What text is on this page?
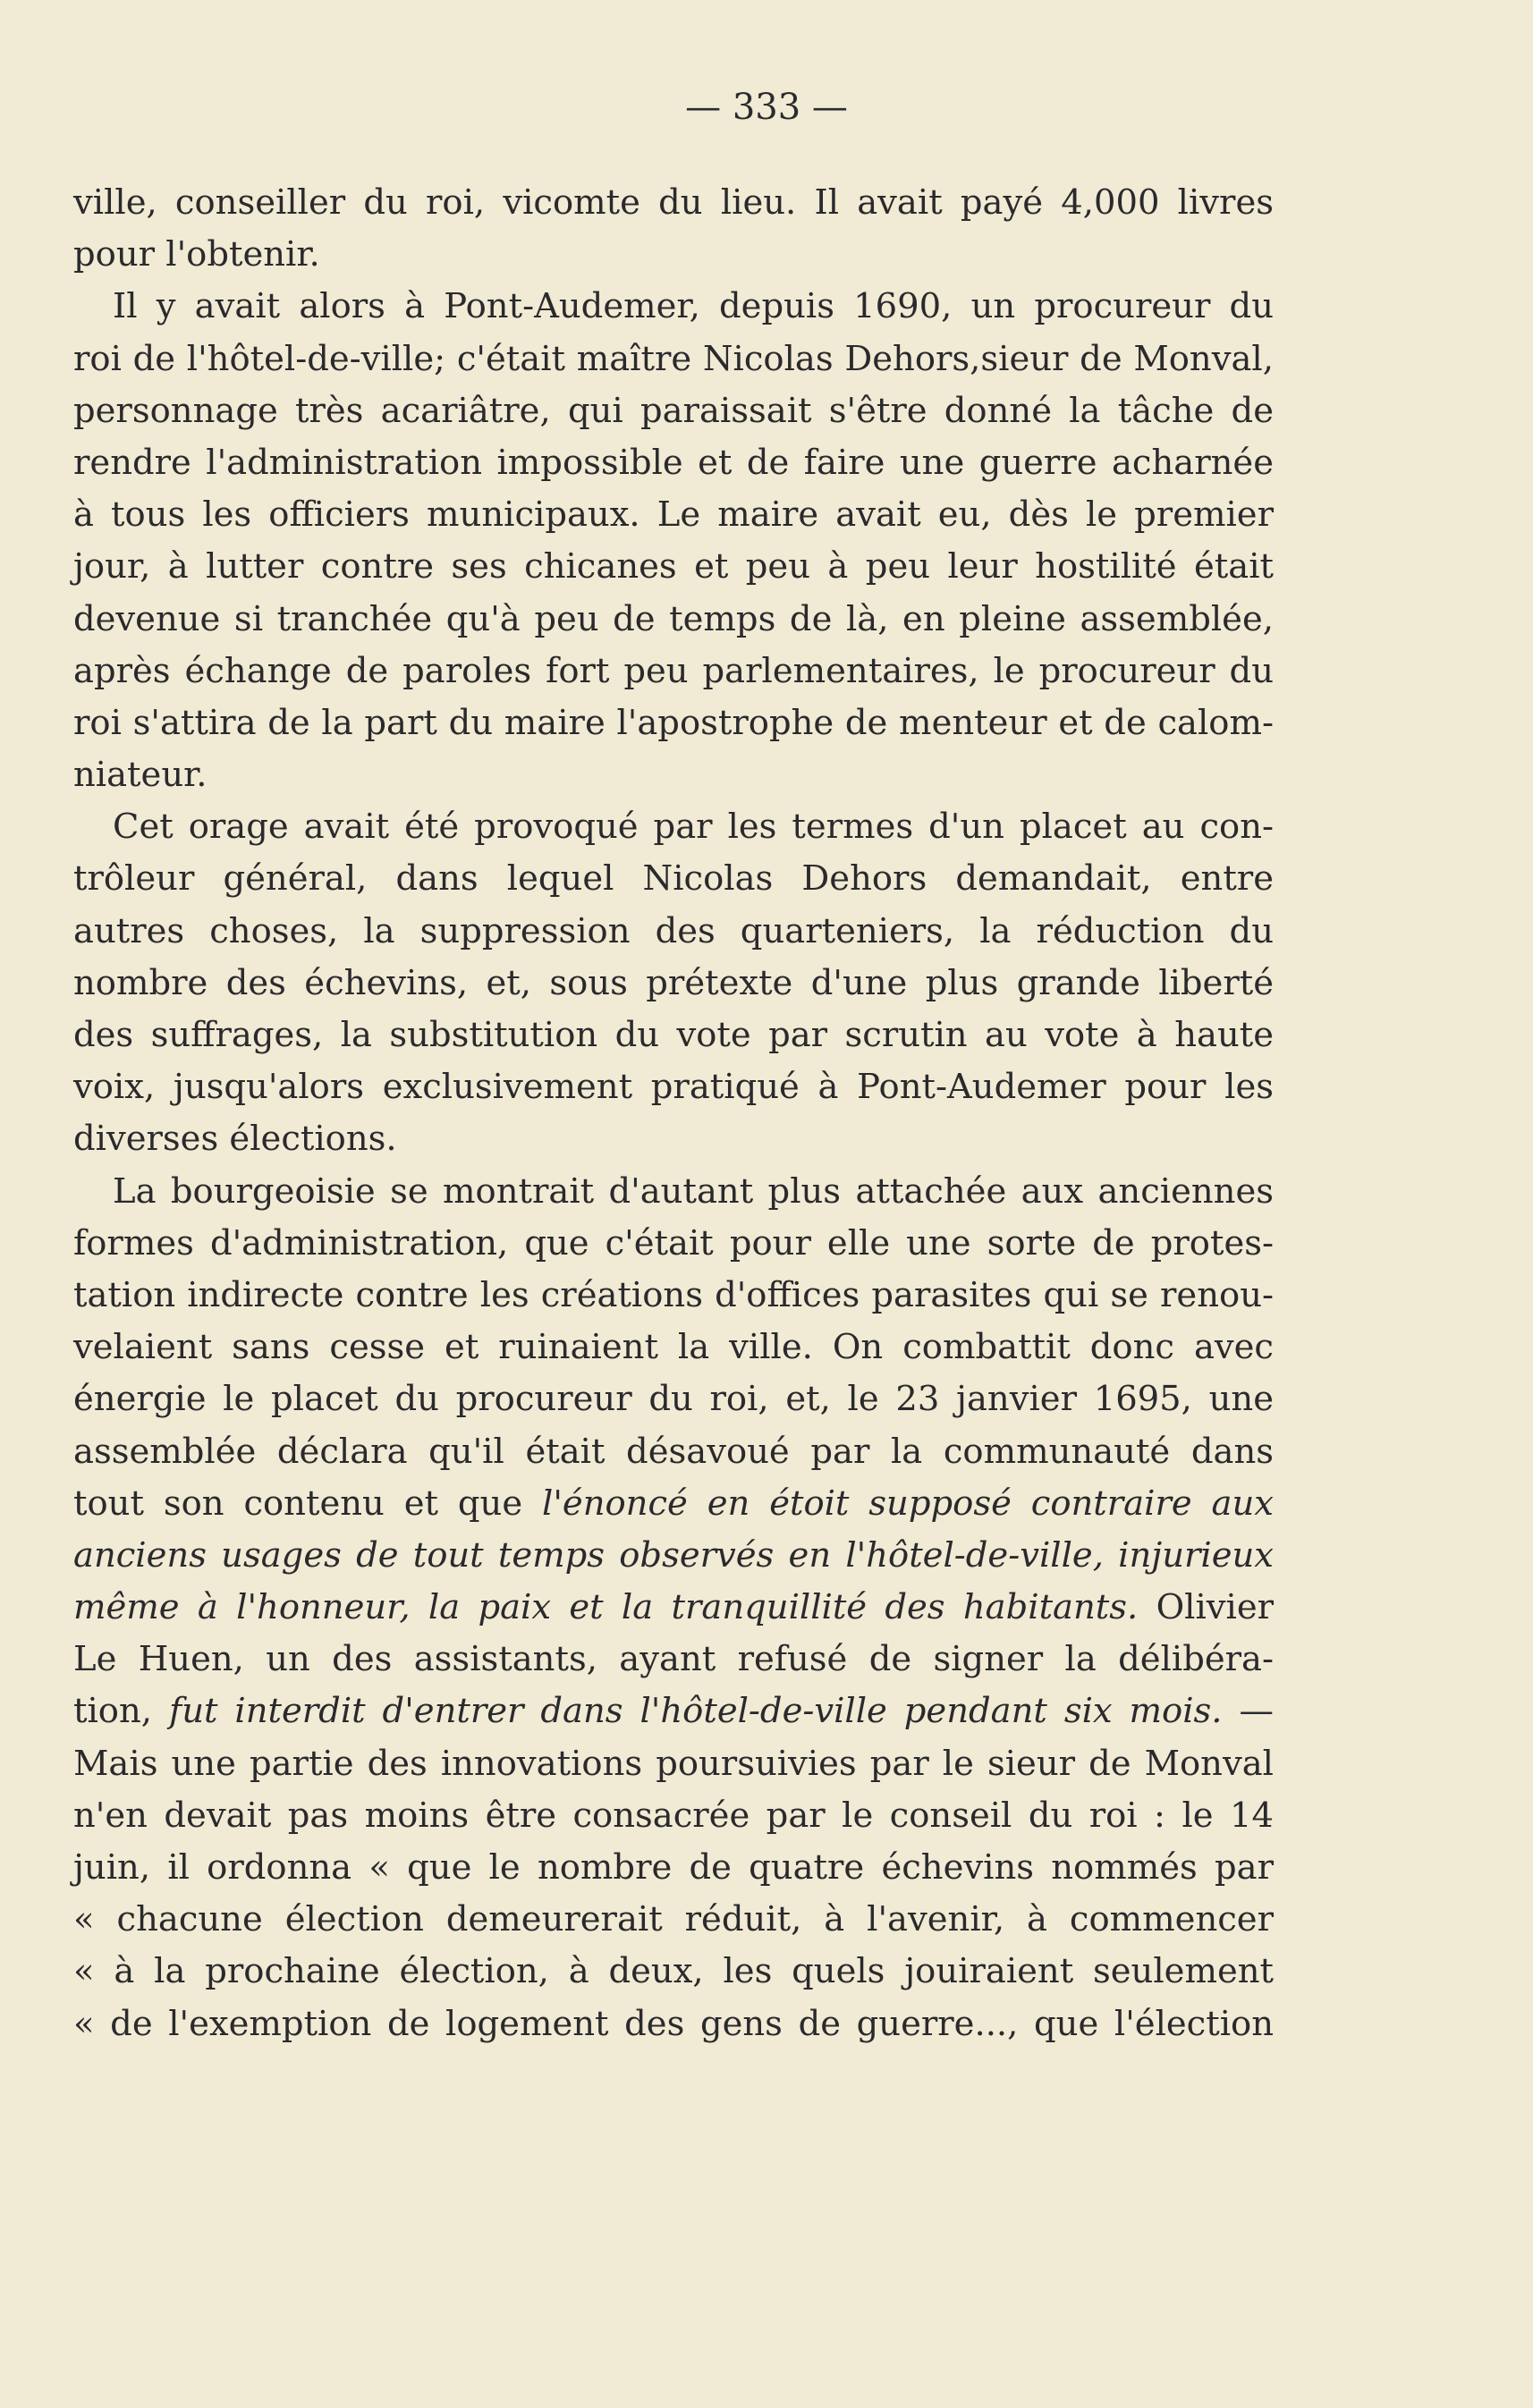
— 333 —
ville, conseiller du roi, vicomte du lieu. Il avait payé 4,000 livres
pour l'obtenir.
Il y avait alors à Pont-Audemer, depuis 1690, un procureur du
roi de l'hôtel-de-ville; c'était maître Nicolas Dehors,sieur de Monval,
personnage très acariâtre, qui paraissait s'être donné la tâche de
rendre l'administration impossible et de faire une guerre acharnée
à tous les officiers municipaux. Le maire avait eu, dès le premier
jour, à lutter contre ses chicanes et peu à peu leur hostilité était
devenue si tranchée qu'à peu de temps de là, en pleine assemblée,
après échange de paroles fort peu parlementaires, le procureur du
roi s'attira de la part du maire l'apostrophe de menteur et de calom-
niateur.
Cet orage avait été provoqué par les termes d'un placet au con-
trôleur général, dans lequel Nicolas Dehors demandait, entre
autres choses, la suppression des quarteniers, la réduction du
nombre des échevins, et, sous prétexte d'une plus grande liberté
des suffrages, la substitution du vote par scrutin au vote à haute
voix, jusqu'alors exclusivement pratiqué à Pont-Audemer pour les
diverses élections.
La bourgeoisie se montrait d'autant plus attachée aux anciennes
formes d'administration, que c'était pour elle une sorte de protes-
tation indirecte contre les créations d'offices parasites qui se renou-
velaient sans cesse et ruinaient la ville. On combattit donc avec
énergie le placet du procureur du roi, et, le 23 janvier 1695, une
assemblée déclara qu'il était désavoué par la communauté dans
tout son contenu et que l'énoncé en étoit supposé contraire aux
anciens usages de tout temps observés en l'hôtel-de-ville, injurieux
même à l'honneur, la paix et la tranquillité des habitants. Olivier
Le Huen, un des assistants, ayant refusé de signer la délibéra-
tion, fut interdit d'entrer dans l'hôtel-de-ville pendant six mois. —
Mais une partie des innovations poursuivies par le sieur de Monval
n'en devait pas moins être consacrée par le conseil du roi : le 14
juin, il ordonna « que le nombre de quatre échevins nommés par
« chacune élection demeurerait réduit, à l'avenir, à commencer
« à la prochaine élection, à deux, les quels jouiraient seulement
« de l'exemption de logement des gens de guerre..., que l'élection
